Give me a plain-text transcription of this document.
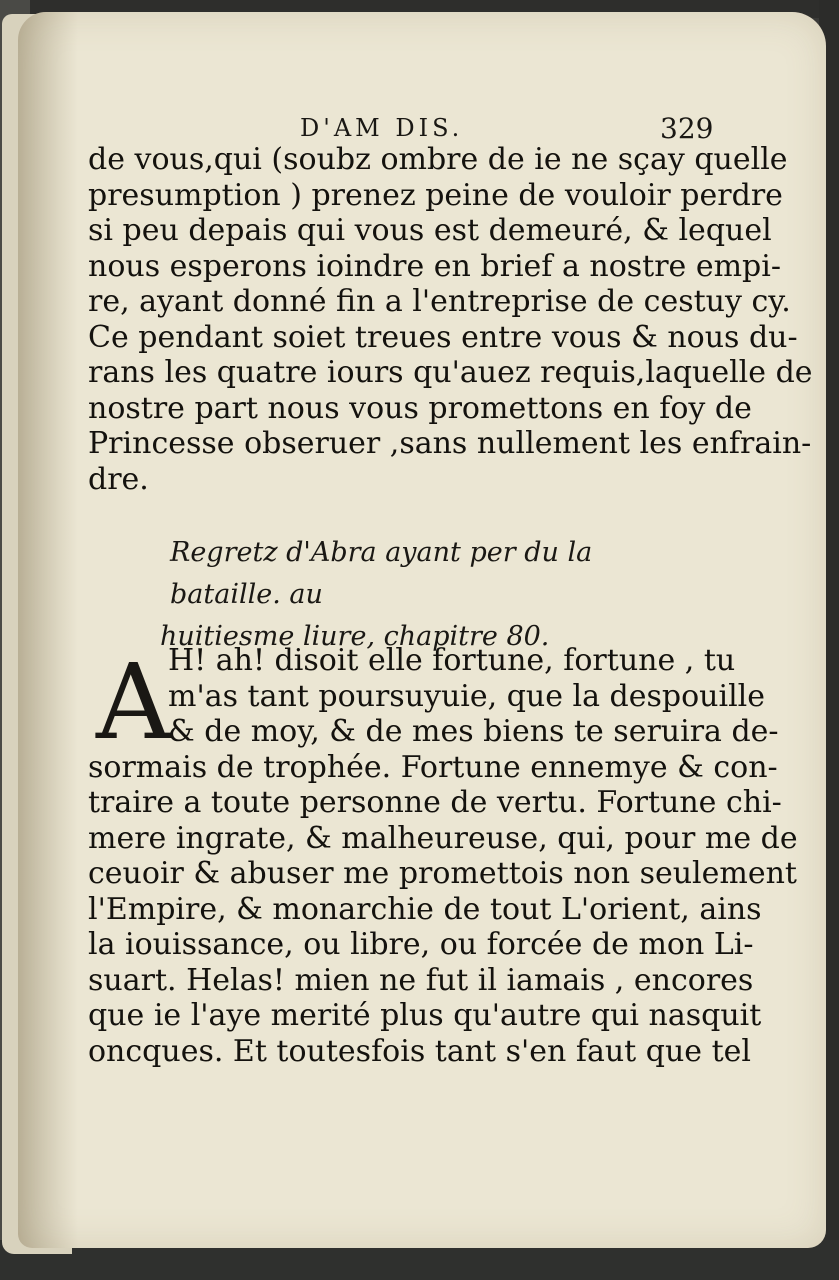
D'AM DIS.	329
de vous,qui (soubz ombre de ie ne sçay quelle
presumption ) prenez peine de vouloir perdre
si peu depais qui vous est demeuré, & lequel
nous esperons ioindre en brief a nostre empi-
re, ayant donné fin a l'entreprise de cestuy cy.
Ce pendant soiet treues entre vous & nous du-
rans les quatre iours qu'auez requis,laquelle de
nostre part nous vous promettons en foy de
Princesse obseruer ,sans nullement les enfrain-
dre.
Regretz d'Abra ayant per du la bataille. au
huitiesme liure, chapitre 80.
A
H! ah! disoit elle fortune, fortune , tu
m'as tant poursuyuie, que la despouille
& de moy, & de mes biens te seruira de-
sormais de trophée. Fortune ennemye & con-
traire a toute personne de vertu. Fortune chi-
mere ingrate, & malheureuse, qui, pour me de
ceuoir & abuser me promettois non seulement
l'Empire, & monarchie de tout L'orient, ains
la iouissance, ou libre, ou forcée de mon Li-
suart. Helas! mien ne fut il iamais , encores
que ie l'aye merité plus qu'autre qui nasquit
oncques. Et toutesfois tant s'en faut que tel
